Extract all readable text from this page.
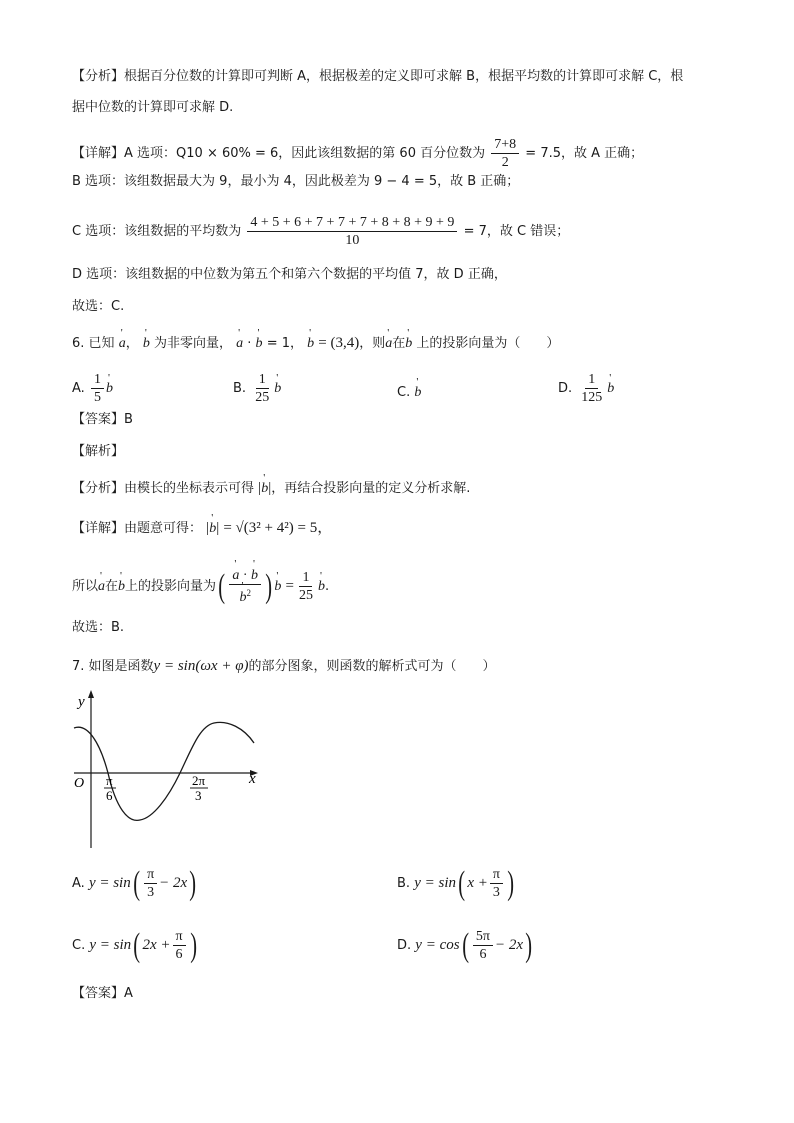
【分析】根据百分位数的计算即可判断 A，根据极差的定义即可求解 B，根据平均数的计算即可求解 C，根
据中位数的计算即可求解 D.
【详解】A 选项：Q10 × 60% = 6，因此该组数据的第 60 百分位数为 $\frac{7+8}{2} = 7.5$，故 A 正确；
B 选项：该组数据最大为 9，最小为 4，因此极差为 9 − 4 = 5，故 B 正确；
C 选项：该组数据的平均数为 $\frac{4 + 5 + 6 + 7 + 7 + 7 + 8 + 8 + 9 + 9}{10} = 7$，故 C 错误；
D 选项：该组数据的中位数为第五个和第六个数据的平均值 7，故 D 正确，
故选：C.
6. 已知 ' a， ' b 为非零向量， ' a · ' b = 1， ' b = (3,4)，则' a在' b 上的投影向量为（　　）
A. $\frac{1}{5}$ ' b	B. $\frac{1}{25}$ ' b	C. ' b	D. $\frac{1}{125}$ ' b
【答案】B
【解析】
【分析】由模长的坐标表示可得 |' b|，再结合投影向量的定义分析求解.
【详解】由题意可得： |' b| = √(3² + 4²) = 5，
所以' a在' b上的投影向量为( ' a · ' b
' $b^2$ ) ' $b = \frac{1}{25}$ ' b.
故选：B.
7. 如图是函数y = sin(ωx + φ)的部分图象，则函数的解析式可为（　　）
y
x
O π
6
2π
3
A. $y = \sin( \frac{\pi}{3} - 2x)$	B. y = sin( $x + \frac{\pi}{3}$ )
C. y = sin( $2x + \frac{\pi}{6}$ )	D. $y = \cos( \frac{5\pi}{6} - 2x)$
【答案】A
